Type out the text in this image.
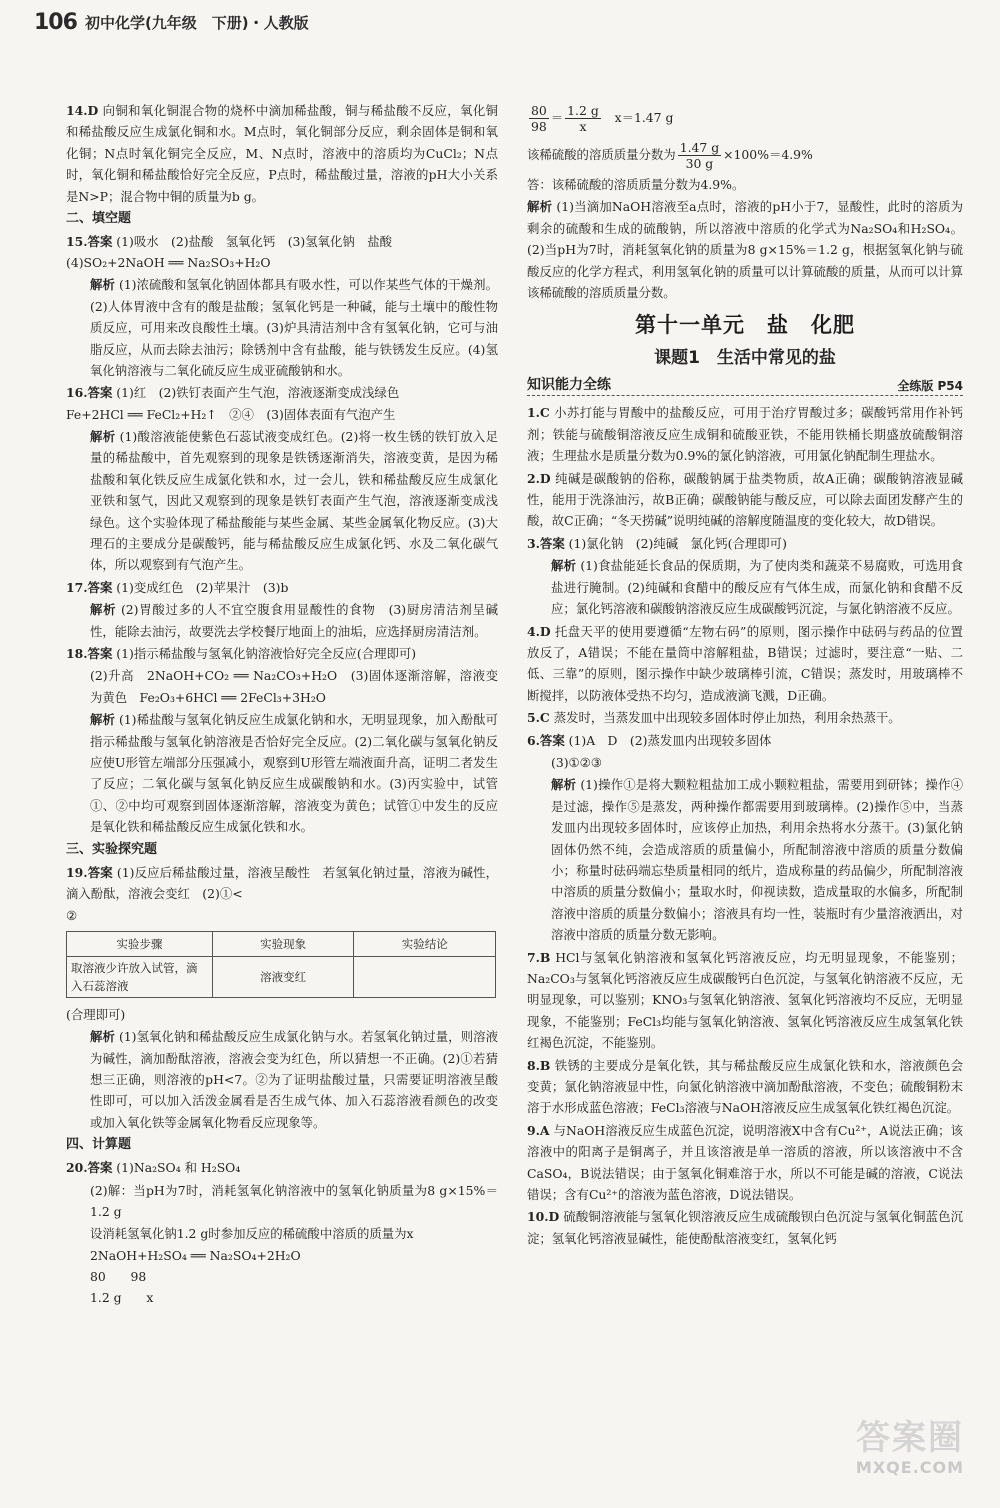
106 初中化学(九年级　下册)・人教版
14.D 向铜和氧化铜混合物的烧杯中滴加稀盐酸，铜与稀盐酸不反应，氧化铜和稀盐酸反应生成氯化铜和水。M点时，氧化铜部分反应，剩余固体是铜和氧化铜；N点时氧化铜完全反应，M、N点时，溶液中的溶质均为CuCl₂；N点时，氧化铜和稀盐酸恰好完全反应，P点时，稀盐酸过量，溶液的pH大小关系是N>P；混合物中铜的质量为b g。
二、填空题
15.答案 (1)吸水　(2)盐酸　氢氧化钙　(3)氢氧化钠　盐酸
(4)SO₂+2NaOH ══ Na₂SO₃+H₂O
解析 (1)浓硫酸和氢氧化钠固体都具有吸水性，可以作某些气体的干燥剂。(2)人体胃液中含有的酸是盐酸；氢氧化钙是一种碱，能与土壤中的酸性物质反应，可用来改良酸性土壤。(3)炉具清洁剂中含有氢氧化钠，它可与油脂反应，从而去除去油污；除锈剂中含有盐酸，能与铁锈发生反应。(4)氢氧化钠溶液与二氧化硫反应生成亚硫酸钠和水。
16.答案 (1)红　(2)铁钉表面产生气泡，溶液逐渐变成浅绿色
Fe+2HCl ══ FeCl₂+H₂↑　②④　(3)固体表面有气泡产生
解析 (1)酸溶液能使紫色石蕊试液变成红色。(2)将一枚生锈的铁钉放入足量的稀盐酸中，首先观察到的现象是铁锈逐渐消失，溶液变黄，是因为稀盐酸和氧化铁反应生成氯化铁和水，过一会儿，铁和稀盐酸反应生成氯化亚铁和氢气，因此又观察到的现象是铁钉表面产生气泡，溶液逐渐变成浅绿色。这个实验体现了稀盐酸能与某些金属、某些金属氧化物反应。(3)大理石的主要成分是碳酸钙，能与稀盐酸反应生成氯化钙、水及二氧化碳气体，所以观察到有气泡产生。
17.答案 (1)变成红色　(2)苹果汁　(3)b
解析 (2)胃酸过多的人不宜空腹食用显酸性的食物　(3)厨房清洁剂呈碱性，能除去油污，故要洗去学校餐厅地面上的油垢，应选择厨房清洁剂。
18.答案 (1)指示稀盐酸与氢氧化钠溶液恰好完全反应(合理即可)
(2)升高　2NaOH+CO₂ ══ Na₂CO₃+H₂O　(3)固体逐渐溶解，溶液变为黄色　Fe₂O₃+6HCl ══ 2FeCl₃+3H₂O
解析 (1)稀盐酸与氢氧化钠反应生成氯化钠和水，无明显现象，加入酚酞可指示稀盐酸与氢氧化钠溶液是否恰好完全反应。(2)二氧化碳与氢氧化钠反应使U形管左端部分压强减小，观察到U形管左端液面升高，证明二者发生了反应；二氧化碳与氢氧化钠反应生成碳酸钠和水。(3)丙实验中，试管①、②中均可观察到固体逐渐溶解，溶液变为黄色；试管①中发生的反应是氧化铁和稀盐酸反应生成氯化铁和水。
三、实验探究题
19.答案 (1)反应后稀盐酸过量，溶液呈酸性　若氢氧化钠过量，溶液为碱性，滴入酚酞，溶液会变红　(2)①<
②
实验步骤	实验现象	实验结论
取溶液少许放入试管，滴入石蕊溶液	溶液变红	
(合理即可)
解析 (1)氢氧化钠和稀盐酸反应生成氯化钠与水。若氢氧化钠过量，则溶液为碱性，滴加酚酞溶液，溶液会变为红色，所以猜想一不正确。(2)①若猜想三正确，则溶液的pH<7。②为了证明盐酸过量，只需要证明溶液呈酸性即可，可以加入活泼金属看是否生成气体、加入石蕊溶液看颜色的改变或加入氧化铁等金属氧化物看反应现象等。
四、计算题
20.答案 (1)Na₂SO₄ 和 H₂SO₄
(2)解：当pH为7时，消耗氢氧化钠溶液中的氢氧化钠质量为8 g×15%＝1.2 g
设消耗氢氧化钠1.2 g时参加反应的稀硫酸中溶质的质量为x
2NaOH+H₂SO₄ ══ Na₂SO₄+2H₂O
80　　98
1.2 g　　x
$\frac{80}{98} = \frac{1.2 g}{x} x=1.47$ g
该稀硫酸的溶质质量分数为 $\frac{1.47 g}{30 g} \times 100\%=4.9\%$
答：该稀硫酸的溶质质量分数为4.9%。
解析 (1)当滴加NaOH溶液至a点时，溶液的pH小于7，显酸性，此时的溶质为剩余的硫酸和生成的硫酸钠，所以溶液中溶质的化学式为Na₂SO₄和H₂SO₄。(2)当pH为7时，消耗氢氧化钠的质量为8 g×15%＝1.2 g，根据氢氧化钠与硫酸反应的化学方程式，利用氢氧化钠的质量可以计算硫酸的质量，从而可以计算该稀硫酸的溶质质量分数。
第十一单元　盐　化肥
课题1　生活中常见的盐
知识能力全练	全练版 P54
1.C 小苏打能与胃酸中的盐酸反应，可用于治疗胃酸过多；碳酸钙常用作补钙剂；铁能与硫酸铜溶液反应生成铜和硫酸亚铁，不能用铁桶长期盛放硫酸铜溶液；生理盐水是质量分数为0.9%的氯化钠溶液，可用氯化钠配制生理盐水。
2.D 纯碱是碳酸钠的俗称，碳酸钠属于盐类物质，故A正确；碳酸钠溶液显碱性，能用于洗涤油污，故B正确；碳酸钠能与酸反应，可以除去面团发酵产生的酸，故C正确；“冬天捞碱”说明纯碱的溶解度随温度的变化较大，故D错误。
3.答案 (1)氯化钠　(2)纯碱　氯化钙(合理即可)
解析 (1)食盐能延长食品的保质期，为了使肉类和蔬菜不易腐败，可选用食盐进行腌制。(2)纯碱和食醋中的酸反应有气体生成，而氯化钠和食醋不反应；氯化钙溶液和碳酸钠溶液反应生成碳酸钙沉淀，与氯化钠溶液不反应。
4.D 托盘天平的使用要遵循“左物右码”的原则，图示操作中砝码与药品的位置放反了，A错误；不能在量筒中溶解粗盐，B错误；过滤时，要注意“一贴、二低、三靠”的原则，图示操作中缺少玻璃棒引流，C错误；蒸发时，用玻璃棒不断搅拌，以防液体受热不均匀，造成液滴飞溅，D正确。
5.C 蒸发时，当蒸发皿中出现较多固体时停止加热，利用余热蒸干。
6.答案 (1)A　D　(2)蒸发皿内出现较多固体
(3)①②③
解析 (1)操作①是将大颗粒粗盐加工成小颗粒粗盐，需要用到研钵；操作④是过滤，操作⑤是蒸发，两种操作都需要用到玻璃棒。(2)操作⑤中，当蒸发皿内出现较多固体时，应该停止加热，利用余热将水分蒸干。(3)氯化钠固体仍然不纯，会造成溶质的质量偏小，所配制溶液中溶质的质量分数偏小；称量时砝码端忘垫质量相同的纸片，造成称量的药品偏少，所配制溶液中溶质的质量分数偏小；量取水时，仰视读数，造成量取的水偏多，所配制溶液中溶质的质量分数偏小；溶液具有均一性，装瓶时有少量溶液洒出，对溶液中溶质的质量分数无影响。
7.B HCl与氢氧化钠溶液和氢氧化钙溶液反应，均无明显现象，不能鉴别；Na₂CO₃与氢氧化钙溶液反应生成碳酸钙白色沉淀，与氢氧化钠溶液不反应，无明显现象，可以鉴别；KNO₃与氢氧化钠溶液、氢氧化钙溶液均不反应，无明显现象，不能鉴别；FeCl₃均能与氢氧化钠溶液、氢氧化钙溶液反应生成氢氧化铁红褐色沉淀，不能鉴别。
8.B 铁锈的主要成分是氧化铁，其与稀盐酸反应生成氯化铁和水，溶液颜色会变黄；氯化钠溶液显中性，向氯化钠溶液中滴加酚酞溶液，不变色；硫酸铜粉末溶于水形成蓝色溶液；FeCl₃溶液与NaOH溶液反应生成氢氧化铁红褐色沉淀。
9.A 与NaOH溶液反应生成蓝色沉淀，说明溶液X中含有Cu²⁺，A说法正确；该溶液中的阳离子是铜离子，并且该溶液是单一溶质的溶液，所以该溶液中不含CaSO₄，B说法错误；由于氢氧化铜难溶于水，所以不可能是碱的溶液，C说法错误；含有Cu²⁺的溶液为蓝色溶液，D说法错误。
10.D 硫酸铜溶液能与氢氧化钡溶液反应生成硫酸钡白色沉淀与氢氧化铜蓝色沉淀；氢氧化钙溶液显碱性，能使酚酞溶液变红，氢氧化钙
答案圈
MXQE.COM
